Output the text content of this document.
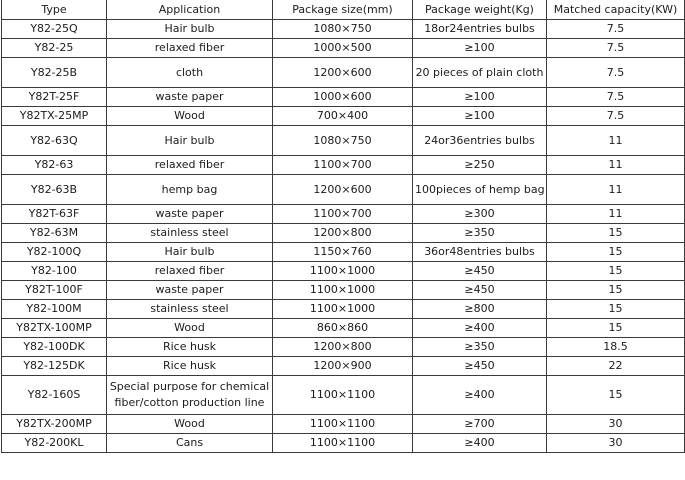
Type	Application	Package size(mm)	Package weight(Kg)	Matched capacity(KW)
Y82-25Q	Hair bulb	1080×750	18or24entries bulbs	7.5
Y82-25	relaxed fiber	1000×500	≥100	7.5
Y82-25B	cloth	1200×600	20 pieces of plain cloth	7.5
Y82T-25F	waste paper	1000×600	≥100	7.5
Y82TX-25MP	Wood	700×400	≥100	7.5
Y82-63Q	Hair bulb	1080×750	24or36entries bulbs	11
Y82-63	relaxed fiber	1100×700	≥250	11
Y82-63B	hemp bag	1200×600	100pieces of hemp bag	11
Y82T-63F	waste paper	1100×700	≥300	11
Y82-63M	stainless steel	1200×800	≥350	15
Y82-100Q	Hair bulb	1150×760	36or48entries bulbs	15
Y82-100	relaxed fiber	1100×1000	≥450	15
Y82T-100F	waste paper	1100×1000	≥450	15
Y82-100M	stainless steel	1100×1000	≥800	15
Y82TX-100MP	Wood	860×860	≥400	15
Y82-100DK	Rice husk	1200×800	≥350	18.5
Y82-125DK	Rice husk	1200×900	≥450	22
Y82-160S	Special purpose for chemical fiber/cotton production line	1100×1100	≥400	15
Y82TX-200MP	Wood	1100×1100	≥700	30
Y82-200KL	Cans	1100×1100	≥400	30
